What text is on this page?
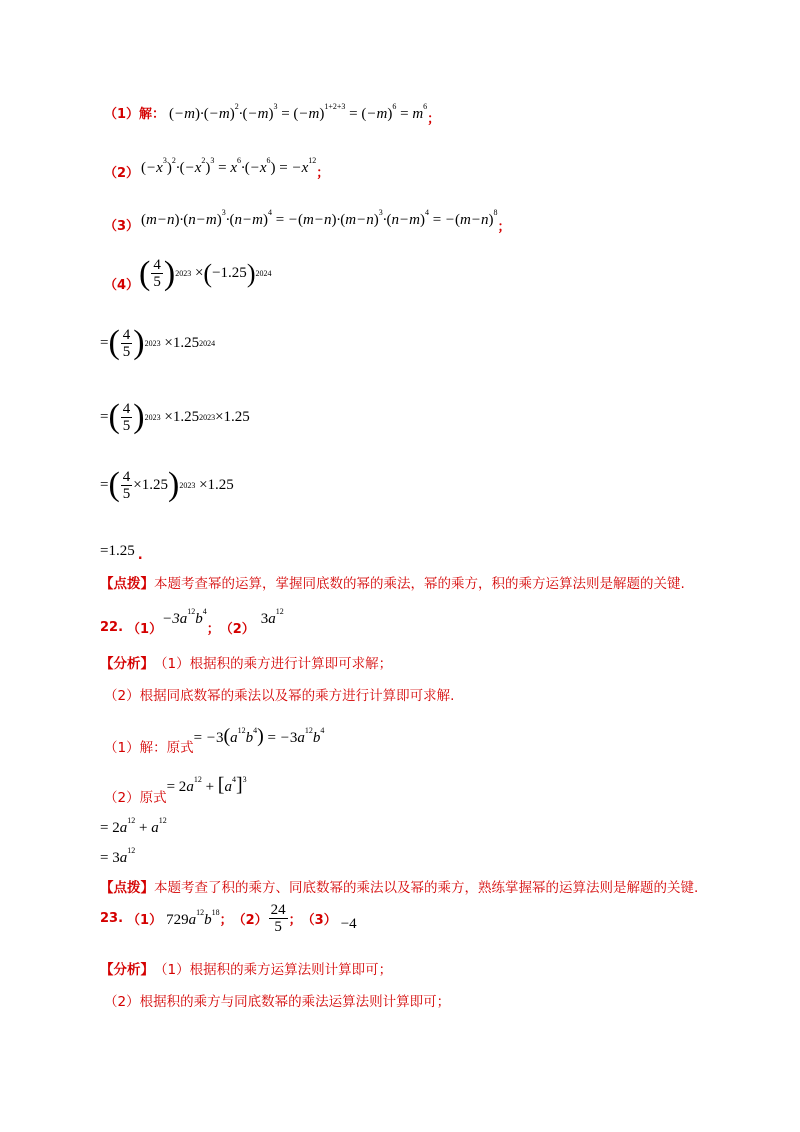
（1）解： $(-m)\cdot(-m)^2\cdot(-m)^3 = (-m)^{1+2+3} = (-m)^6 = m^6$
；
（2） $(-x^3)^2\cdot(-x^2)^3 = x^6\cdot(-x^6) = -x^{12}$
；
（3） $(m-n)\cdot(n-m)^3\cdot(n-m)^4 = -(m-n)\cdot(m-n)^3\cdot(n-m)^4 = -(m-n)^8$
；
（4） ( $\frac{4}{5}$ ) 2023 × ( −1.25 ) 2024
= ( $\frac{4}{5}$ ) 2023 ×1.25 2024
= ( $\frac{4}{5}$ ) 2023 ×1.25 2023 ×1.25
= ( $\frac{4}{5} \times 1.25$ ) 2023 ×1.25
=1.25 .
【点拨】 本题考查幂的运算，掌握同底数的幂的乘法，幂的乘方，积的乘方运算法则是解题的关键.
22. （1）
$-3a^{12}b^4$
； （2）
$3a^{12}$
【分析】 （1）根据积的乘方进行计算即可求解；
（2）根据同底数幂的乘法以及幂的乘方进行计算即可求解.
（1）解：原式
= $-3(a^{12}b^4) = -3a^{12}b^4$
（2）原式
= $2a^{12} + [a^4]^3$
= $2a^{12} + a^{12}$
= $3a^{12}$
【点拨】 本题考查了积的乘方、同底数幂的乘法以及幂的乘方，熟练掌握幂的运算法则是解题的关键.
23. （1） $729a^{12}b^{18}$
； $(2) \frac{24}{5}$ ； （3） −4
【分析】 （1）根据积的乘方运算法则计算即可；
（2）根据积的乘方与同底数幂的乘法运算法则计算即可；
